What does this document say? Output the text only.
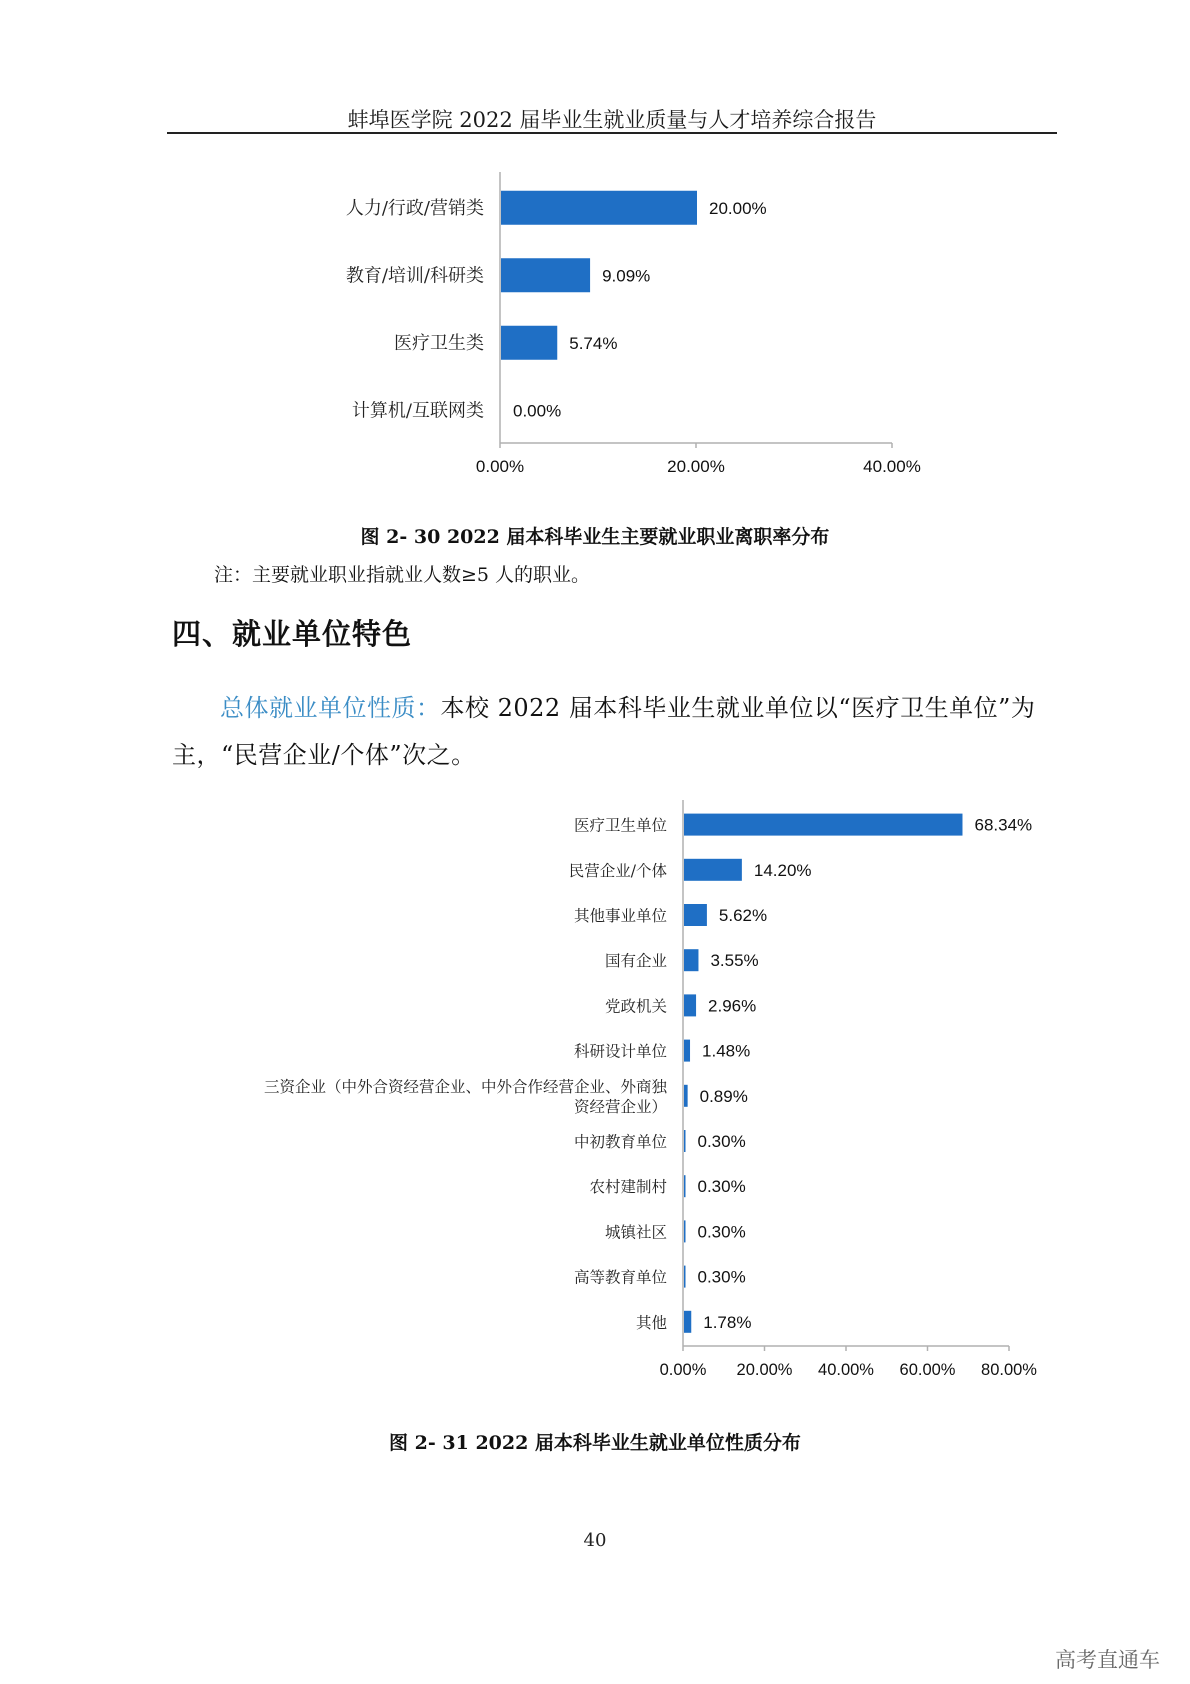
蚌埠医学院 2022 届毕业生就业质量与人才培养综合报告
0.00%	20.00%	40.00%
20.00%
人力/行政/营销类
9.09%
教育/培训/科研类
5.74%
医疗卫生类
0.00%
计算机/互联网类
图 2- 30 2022 届本科毕业生主要就业职业离职率分布
注：主要就业职业指就业人数≥5 人的职业。
四、就业单位特色
总体就业单位性质：本校 2022 届本科毕业生就业单位以“医疗卫生单位”为
主，“民营企业/个体”次之。
0.00% 20.00% 40.00% 60.00% 80.00%
68.34%
医疗卫生单位
14.20%
民营企业/个体
5.62%
其他事业单位
3.55%
国有企业
2.96%
党政机关
1.48%
科研设计单位
0.89%
三资企业（中外合资经营企业、中外合作经营企业、外商独
资经营企业）
0.30%
中初教育单位
0.30%
农村建制村
0.30%
城镇社区
0.30%
高等教育单位
1.78%
其他
图 2- 31 2022 届本科毕业生就业单位性质分布
40
高考直通车
